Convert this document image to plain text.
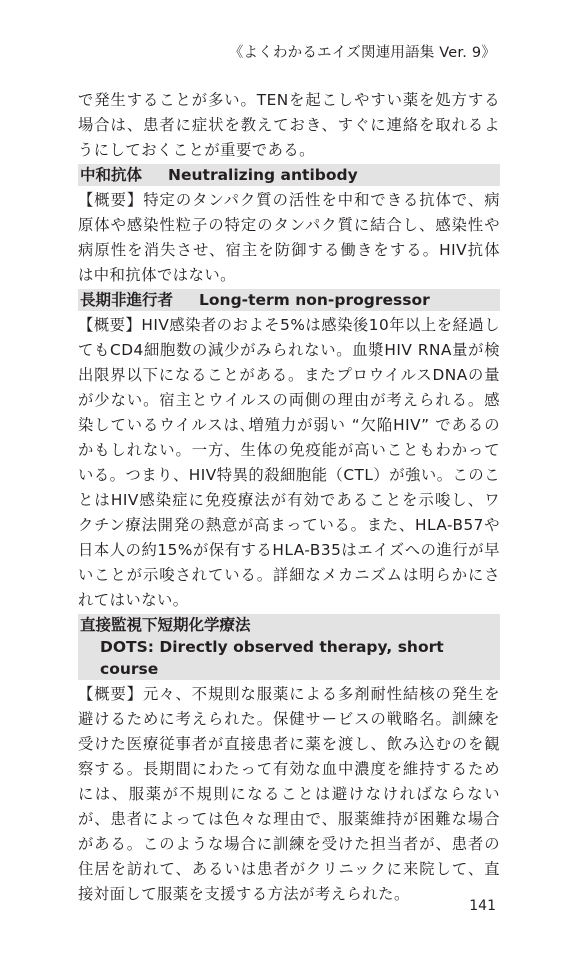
《よくわかるエイズ関連用語集 Ver. 9》

で発生することが多い。TENを起こしやすい薬を処方する場合は、患者に症状を教えておき、すぐに連絡を取れるようにしておくことが重要である。

中和抗体 Neutralizing antibody

【概要】特定のタンパク質の活性を中和できる抗体で、病原体や感染性粒子の特定のタンパク質に結合し、感染性や病原性を消失させ、宿主を防御する働きをする。HIV抗体は中和抗体ではない。

長期非進行者 Long-term non-progressor

【概要】HIV感染者のおよそ5%は感染後10年以上を経過してもCD4細胞数の減少がみられない。血漿HIV RNA量が検出限界以下になることがある。またプロウイルスDNAの量が少ない。宿主とウイルスの両側の理由が考えられる。感染しているウイルスは､増殖力が弱い “欠陥HIV” であるのかもしれない。一方、生体の免疫能が高いこともわかっている。つまり、HIV特異的殺細胞能（CTL）が強い。このことはHIV感染症に免疫療法が有効であることを示唆し、ワクチン療法開発の熱意が高まっている。また、HLA-B57や日本人の約15%が保有するHLA-B35はエイズへの進行が早いことが示唆されている。詳細なメカニズムは明らかにされてはいない。

直接監視下短期化学療法
DOTS: Directly observed therapy, short course

【概要】元々、不規則な服薬による多剤耐性結核の発生を避けるために考えられた。保健サービスの戦略名。訓練を受けた医療従事者が直接患者に薬を渡し、飲み込むのを観察する。長期間にわたって有効な血中濃度を維持するためには、服薬が不規則になることは避けなければならないが、患者によっては色々な理由で、服薬維持が困難な場合がある。このような場合に訓練を受けた担当者が、患者の住居を訪れて、あるいは患者がクリニックに来院して、直接対面して服薬を支援する方法が考えられた。

141
